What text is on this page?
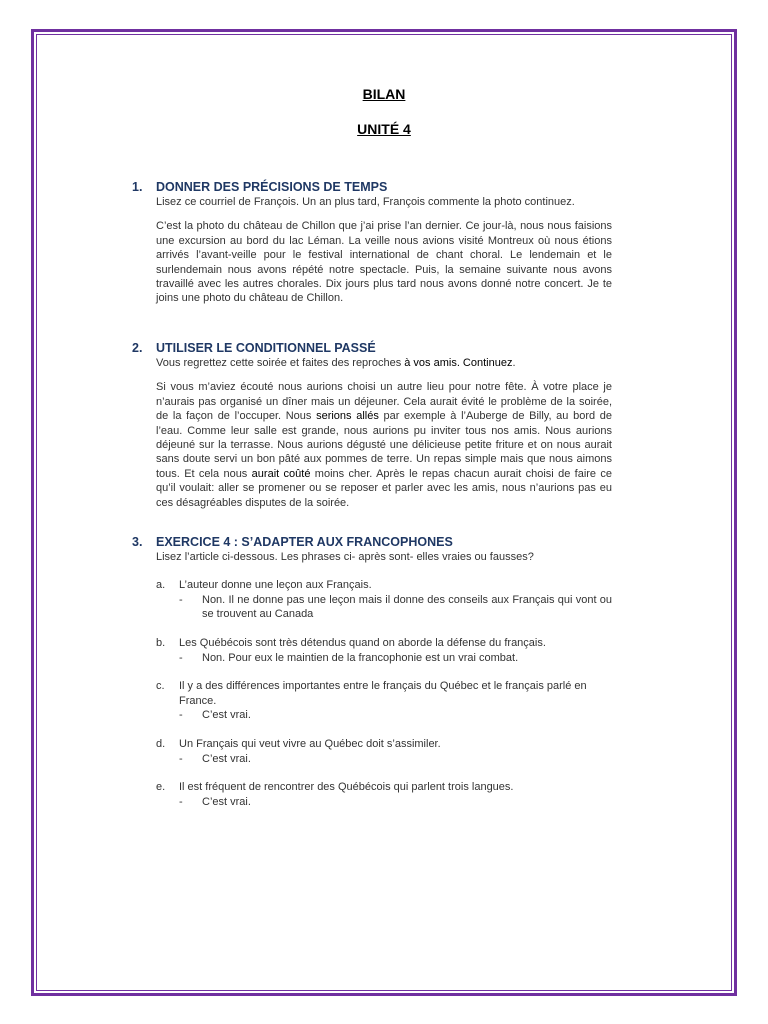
BILAN
UNITÉ 4
1.	DONNER DES PRÉCISIONS DE TEMPS

Lisez ce courriel de François. Un an plus tard, François commente la photo continuez.

C’est la photo du château de Chillon que j’ai prise l’an dernier. Ce jour-là, nous nous faisions une excursion au bord du lac Léman. La veille nous avions visité Montreux où nous étions arrivés l’avant-veille pour le festival international de chant choral. Le lendemain et le surlendemain nous avons répété notre spectacle. Puis, la semaine suivante nous avons travaillé avec les autres chorales. Dix jours plus tard nous avons donné notre concert. Je te joins une photo du château de Chillon.

2.	UTILISER LE CONDITIONNEL PASSÉ

Vous regrettez cette soirée et faites des reproches à vos amis. Continuez.

Si vous m’aviez écouté nous aurions choisi un autre lieu pour notre fête. À votre place je n’aurais pas organisé un dîner mais un déjeuner. Cela aurait évité le problème de la soirée, de la façon de l’occuper. Nous serions allés par exemple à l’Auberge de Billy, au bord de l’eau. Comme leur salle est grande, nous aurions pu inviter tous nos amis. Nous aurions déjeuné sur la terrasse. Nous aurions dégusté une délicieuse petite friture et on nous aurait sans doute servi un bon pâté aux pommes de terre. Un repas simple mais que nous aimons tous. Et cela nous aurait coûté moins cher. Après le repas chacun aurait choisi de faire ce qu’il voulait: aller se promener ou se reposer et parler avec les amis, nous n’aurions pas eu ces désagréables disputes de la soirée.

3.	EXERCICE 4 : S’ADAPTER AUX FRANCOPHONES

Lisez l’article ci-dessous. Les phrases ci- après sont- elles vraies ou fausses?

a.	L’auteur donne une leçon aux Français.
-	Non. Il ne donne pas une leçon mais il donne des conseils aux Français qui vont ou se trouvent au Canada
b.	Les Québécois sont très détendus quand on aborde la défense du français.
-	Non. Pour eux le maintien de la francophonie est un vrai combat.
c.	Il y a des différences importantes entre le français du Québec et le français parlé en France.
-	C’est vrai.
d.	Un Français qui veut vivre au Québec doit s’assimiler.
-	C’est vrai.
e.	Il est fréquent de rencontrer des Québécois qui parlent trois langues.
-	C’est vrai.
